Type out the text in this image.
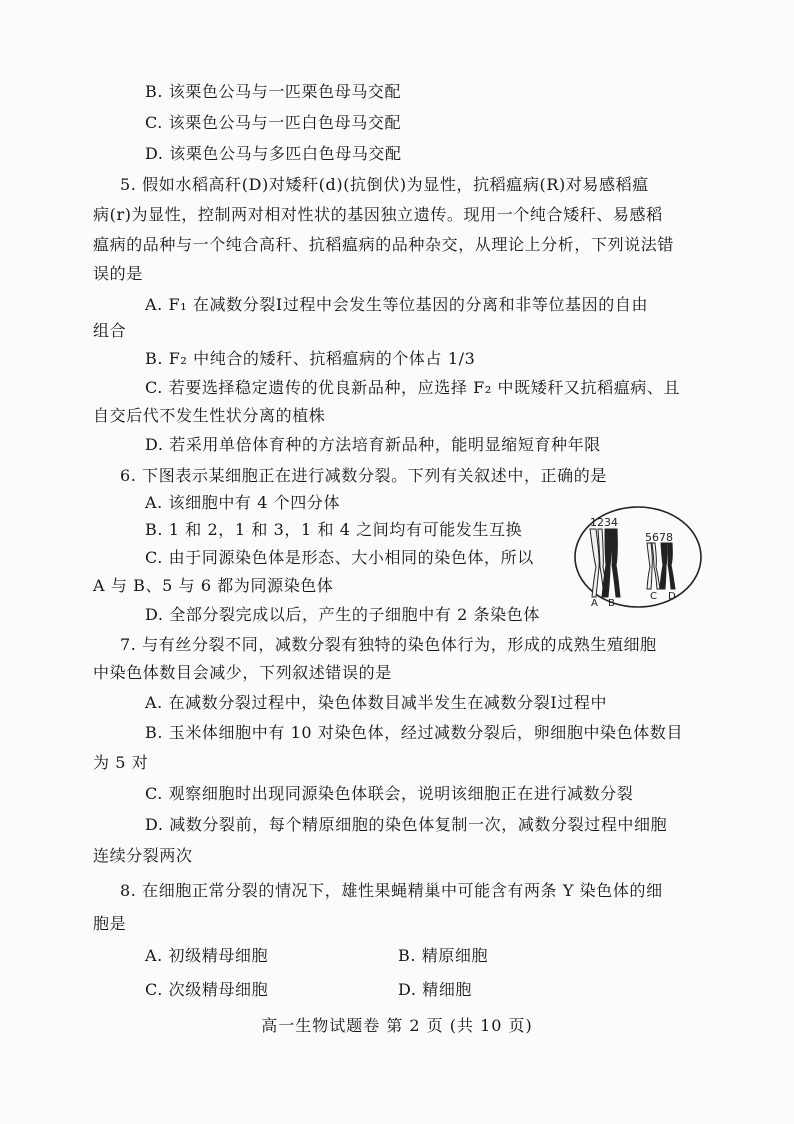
B. 该栗色公马与一匹栗色母马交配
C. 该栗色公马与一匹白色母马交配
D. 该栗色公马与多匹白色母马交配
5. 假如水稻高秆(D)对矮秆(d)(抗倒伏)为显性，抗稻瘟病(R)对易感稻瘟
病(r)为显性，控制两对相对性状的基因独立遗传。现用一个纯合矮秆、易感稻
瘟病的品种与一个纯合高秆、抗稻瘟病的品种杂交，从理论上分析，下列说法错
误的是
A. F₁ 在减数分裂Ⅰ过程中会发生等位基因的分离和非等位基因的自由
组合
B. F₂ 中纯合的矮秆、抗稻瘟病的个体占 1/3
C. 若要选择稳定遗传的优良新品种，应选择 F₂ 中既矮秆又抗稻瘟病、且
自交后代不发生性状分离的植株
D. 若采用单倍体育种的方法培育新品种，能明显缩短育种年限
6. 下图表示某细胞正在进行减数分裂。下列有关叙述中，正确的是
A. 该细胞中有 4 个四分体
B. 1 和 2，1 和 3，1 和 4 之间均有可能发生互换
C. 由于同源染色体是形态、大小相同的染色体，所以
A 与 B、5 与 6 都为同源染色体
D. 全部分裂完成以后，产生的子细胞中有 2 条染色体
1234
5678
A B
C D
7. 与有丝分裂不同，减数分裂有独特的染色体行为，形成的成熟生殖细胞
中染色体数目会减少，下列叙述错误的是
A. 在减数分裂过程中，染色体数目减半发生在减数分裂Ⅰ过程中
B. 玉米体细胞中有 10 对染色体，经过减数分裂后，卵细胞中染色体数目
为 5 对
C. 观察细胞时出现同源染色体联会，说明该细胞正在进行减数分裂
D. 减数分裂前，每个精原细胞的染色体复制一次，减数分裂过程中细胞
连续分裂两次
8. 在细胞正常分裂的情况下，雄性果蝇精巢中可能含有两条 Y 染色体的细
胞是
A. 初级精母细胞	B. 精原细胞
C. 次级精母细胞	D. 精细胞
高一生物试题卷 第 2 页 (共 10 页)
